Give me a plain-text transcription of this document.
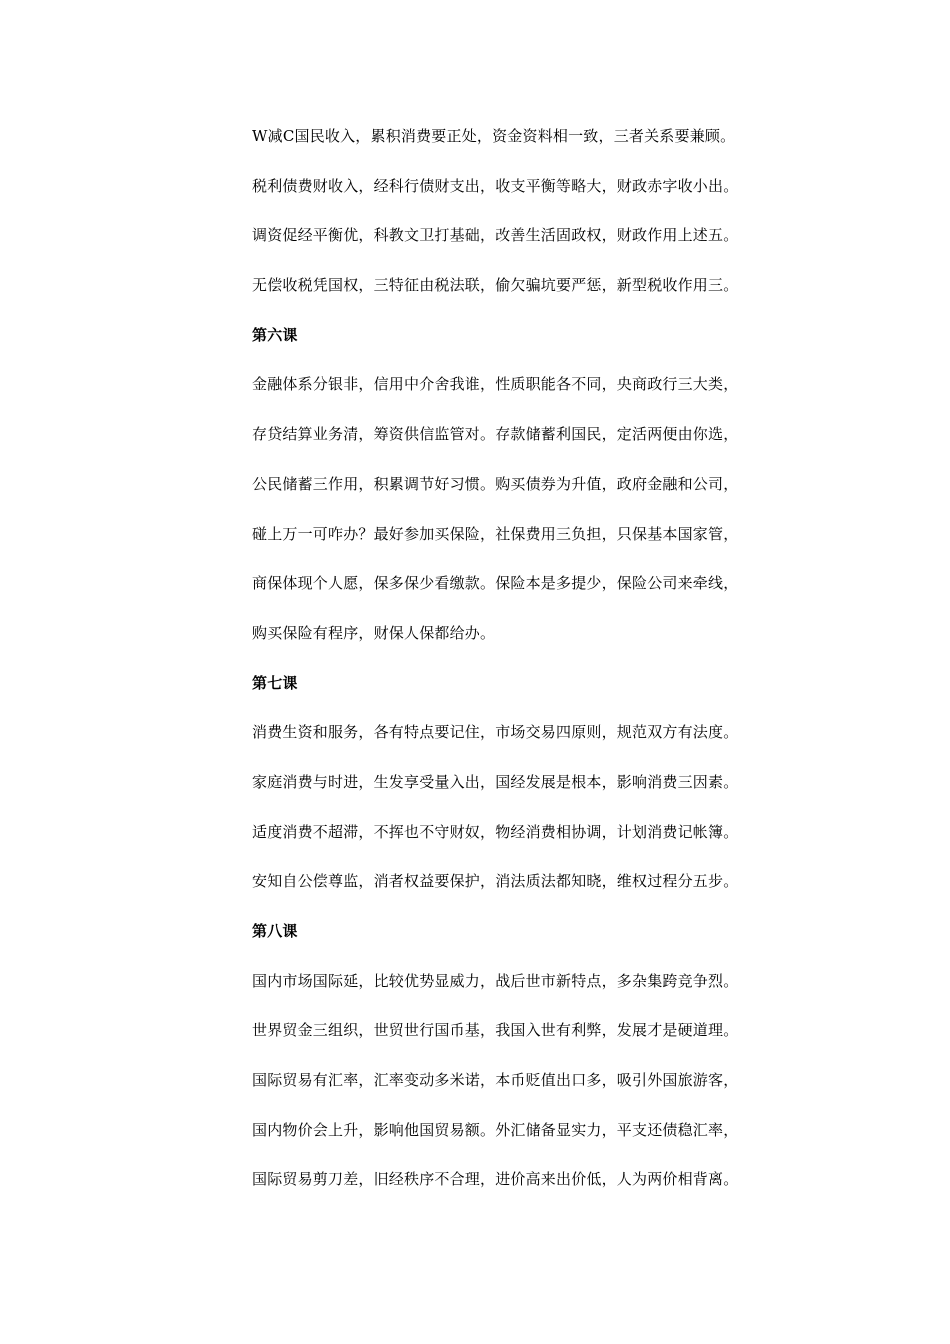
W减C国民收入，累积消费要正处，资金资料相一致，三者关系要兼顾。
税利债费财收入，经科行债财支出，收支平衡等略大，财政赤字收小出。
调资促经平衡优，科教文卫打基础，改善生活固政权，财政作用上述五。
无偿收税凭国权，三特征由税法联，偷欠骗坑要严惩，新型税收作用三。
第六课
金融体系分银非，信用中介舍我谁，性质职能各不同，央商政行三大类，
存贷结算业务清，筹资供信监管对。存款储蓄利国民，定活两便由你选，
公民储蓄三作用，积累调节好习惯。购买债券为升值，政府金融和公司，
碰上万一可咋办？最好参加买保险，社保费用三负担，只保基本国家管，
商保体现个人愿，保多保少看缴款。保险本是多提少，保险公司来牵线，
购买保险有程序，财保人保都给办。
第七课
消费生资和服务，各有特点要记住，市场交易四原则，规范双方有法度。
家庭消费与时进，生发享受量入出，国经发展是根本，影响消费三因素。
适度消费不超滞，不挥也不守财奴，物经消费相协调，计划消费记帐簿。
安知自公偿尊监，消者权益要保护，消法质法都知晓，维权过程分五步。
第八课
国内市场国际延，比较优势显威力，战后世市新特点，多杂集跨竞争烈。
世界贸金三组织，世贸世行国币基，我国入世有利弊，发展才是硬道理。
国际贸易有汇率，汇率变动多米诺，本币贬值出口多，吸引外国旅游客，
国内物价会上升，影响他国贸易额。外汇储备显实力，平支还债稳汇率，
国际贸易剪刀差，旧经秩序不合理，进价高来出价低，人为两价相背离。
